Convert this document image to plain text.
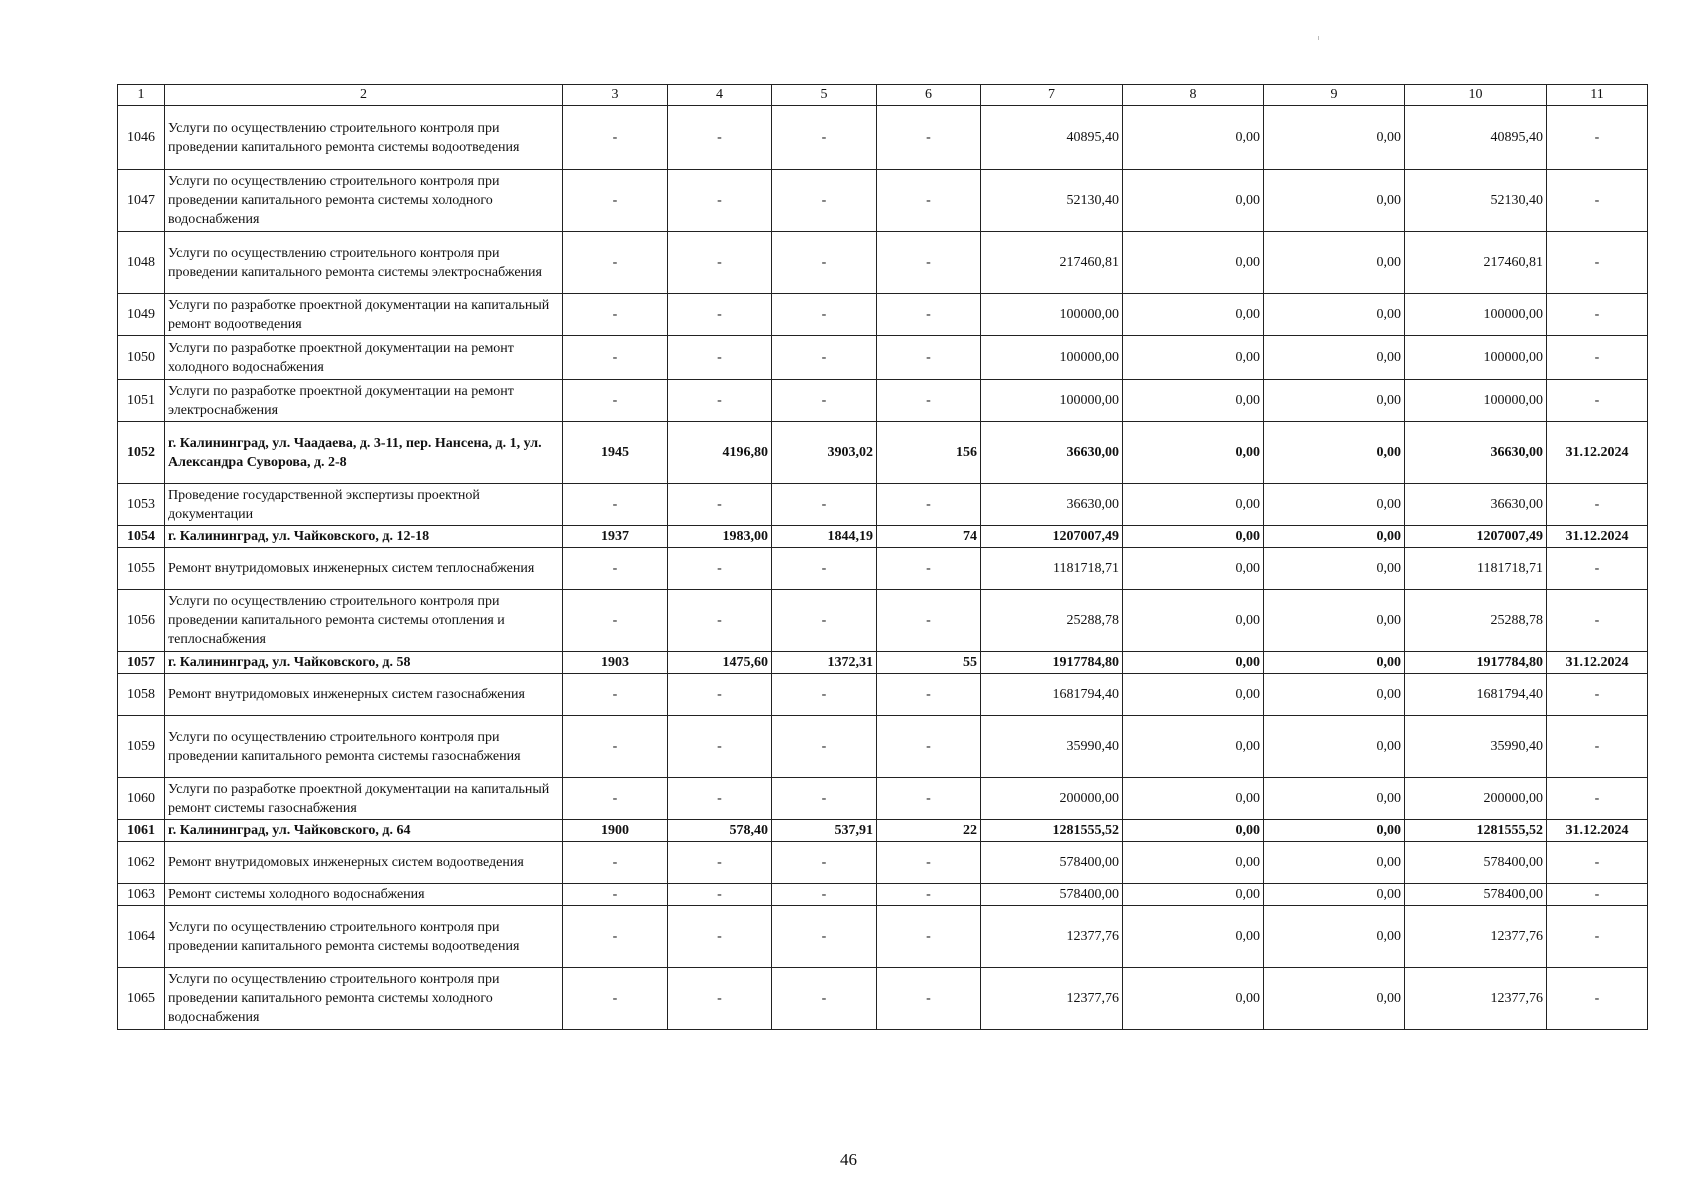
1	2	3	4	5	6	7	8	9	10	11
1046	Услуги по осуществлению строительного контроля при проведении капитального ремонта системы водоотведения	-	-	-	-	40895,40	0,00	0,00	40895,40	-
1047	Услуги по осуществлению строительного контроля при проведении капитального ремонта системы холодного водоснабжения	-	-	-	-	52130,40	0,00	0,00	52130,40	-
1048	Услуги по осуществлению строительного контроля при проведении капитального ремонта системы электроснабжения	-	-	-	-	217460,81	0,00	0,00	217460,81	-
1049	Услуги по разработке проектной документации на капитальный ремонт водоотведения	-	-	-	-	100000,00	0,00	0,00	100000,00	-
1050	Услуги по разработке проектной документации на ремонт холодного водоснабжения	-	-	-	-	100000,00	0,00	0,00	100000,00	-
1051	Услуги по разработке проектной документации на ремонт электроснабжения	-	-	-	-	100000,00	0,00	0,00	100000,00	-
1052	г. Калининград, ул. Чаадаева, д. 3-11, пер. Нансена, д. 1, ул. Александра Суворова, д. 2-8	1945	4196,80	3903,02	156	36630,00	0,00	0,00	36630,00	31.12.2024
1053	Проведение государственной экспертизы проектной документации	-	-	-	-	36630,00	0,00	0,00	36630,00	-
1054	г. Калининград, ул. Чайковского, д. 12-18	1937	1983,00	1844,19	74	1207007,49	0,00	0,00	1207007,49	31.12.2024
1055	Ремонт внутридомовых инженерных систем теплоснабжения	-	-	-	-	1181718,71	0,00	0,00	1181718,71	-
1056	Услуги по осуществлению строительного контроля при проведении капитального ремонта системы отопления и теплоснабжения	-	-	-	-	25288,78	0,00	0,00	25288,78	-
1057	г. Калининград, ул. Чайковского, д. 58	1903	1475,60	1372,31	55	1917784,80	0,00	0,00	1917784,80	31.12.2024
1058	Ремонт внутридомовых инженерных систем газоснабжения	-	-	-	-	1681794,40	0,00	0,00	1681794,40	-
1059	Услуги по осуществлению строительного контроля при проведении капитального ремонта системы газоснабжения	-	-	-	-	35990,40	0,00	0,00	35990,40	-
1060	Услуги по разработке проектной документации на капитальный ремонт системы газоснабжения	-	-	-	-	200000,00	0,00	0,00	200000,00	-
1061	г. Калининград, ул. Чайковского, д. 64	1900	578,40	537,91	22	1281555,52	0,00	0,00	1281555,52	31.12.2024
1062	Ремонт внутридомовых инженерных систем водоотведения	-	-	-	-	578400,00	0,00	0,00	578400,00	-
1063	Ремонт системы холодного водоснабжения	-	-	-	-	578400,00	0,00	0,00	578400,00	-
1064	Услуги по осуществлению строительного контроля при проведении капитального ремонта системы водоотведения	-	-	-	-	12377,76	0,00	0,00	12377,76	-
1065	Услуги по осуществлению строительного контроля при проведении капитального ремонта системы холодного водоснабжения	-	-	-	-	12377,76	0,00	0,00	12377,76	-
46
